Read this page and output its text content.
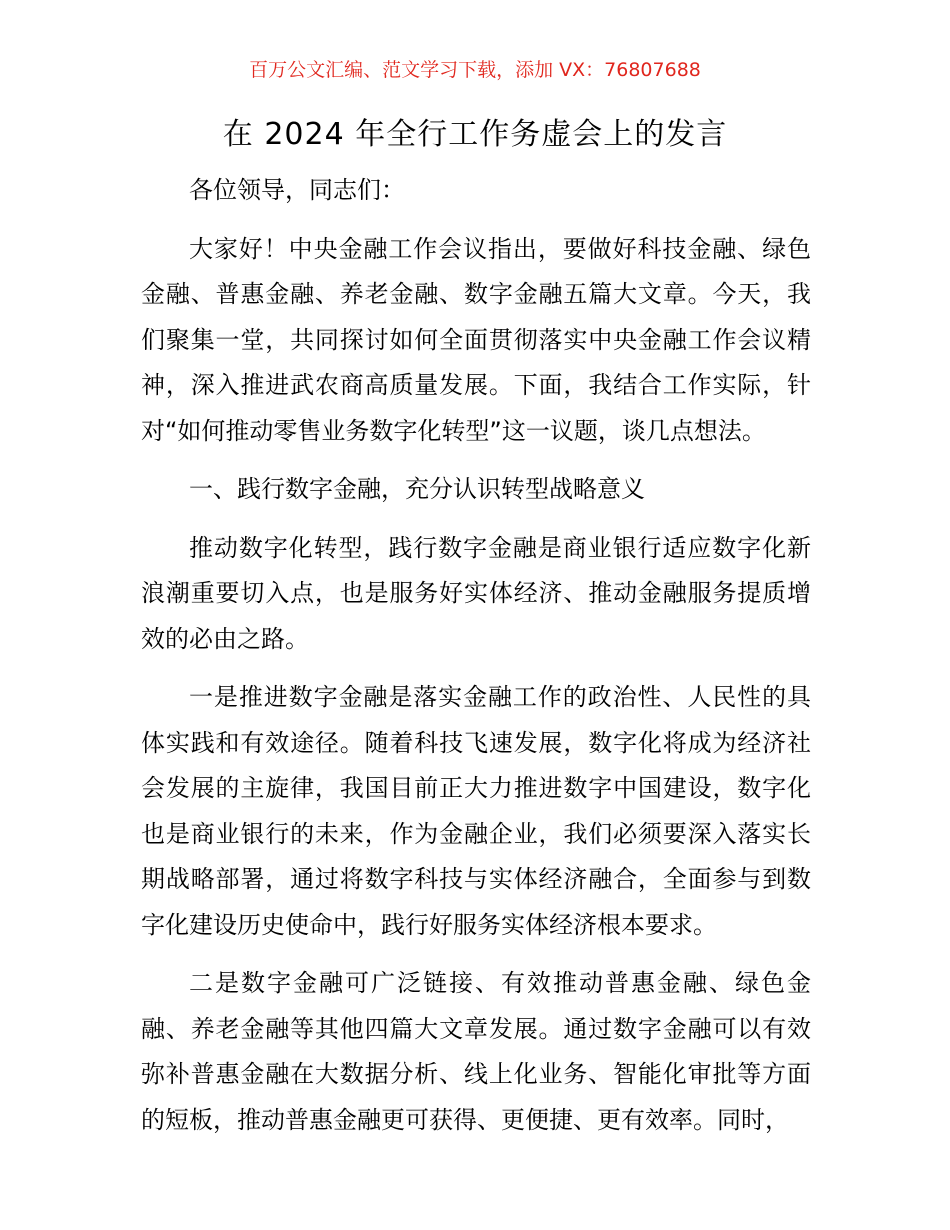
百万公文汇编、范文学习下载，添加 VX：76807688
在 2024 年全行工作务虚会上的发言

各位领导，同志们：

大家好！中央金融工作会议指出，要做好科技金融、绿色金融、普惠金融、养老金融、数字金融五篇大文章。今天，我们聚集一堂，共同探讨如何全面贯彻落实中央金融工作会议精神，深入推进武农商高质量发展。下面，我结合工作实际，针对“如何推动零售业务数字化转型”这一议题，谈几点想法。

一、践行数字金融，充分认识转型战略意义

推动数字化转型，践行数字金融是商业银行适应数字化新浪潮重要切入点，也是服务好实体经济、推动金融服务提质增效的必由之路。

一是推进数字金融是落实金融工作的政治性、人民性的具体实践和有效途径。随着科技飞速发展，数字化将成为经济社会发展的主旋律，我国目前正大力推进数字中国建设，数字化也是商业银行的未来，作为金融企业，我们必须要深入落实长期战略部署，通过将数字科技与实体经济融合，全面参与到数字化建设历史使命中，践行好服务实体经济根本要求。

二是数字金融可广泛链接、有效推动普惠金融、绿色金融、养老金融等其他四篇大文章发展。通过数字金融可以有效弥补普惠金融在大数据分析、线上化业务、智能化审批等方面的短板，推动普惠金融更可获得、更便捷、更有效率。同时，
